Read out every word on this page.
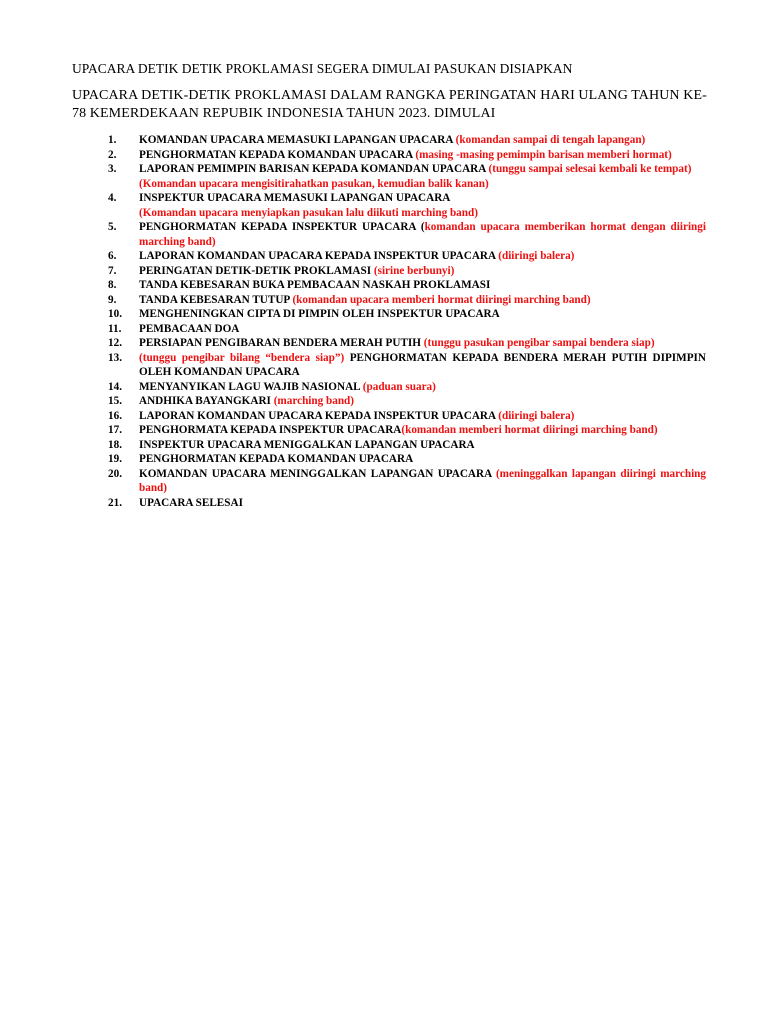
UPACARA DETIK DETIK PROKLAMASI SEGERA DIMULAI PASUKAN DISIAPKAN
UPACARA DETIK-DETIK PROKLAMASI DALAM RANGKA PERINGATAN HARI ULANG TAHUN KE-78 KEMERDEKAAN REPUBIK INDONESIA TAHUN 2023. DIMULAI
1.	KOMANDAN UPACARA MEMASUKI LAPANGAN UPACARA (komandan sampai di tengah lapangan)
2.	PENGHORMATAN KEPADA KOMANDAN UPACARA (masing -masing pemimpin barisan memberi hormat)
3.	LAPORAN PEMIMPIN BARISAN KEPADA KOMANDAN UPACARA (tunggu sampai selesai kembali ke tempat)
(Komandan upacara mengisitirahatkan pasukan, kemudian balik kanan)
4.	INSPEKTUR UPACARA MEMASUKI LAPANGAN UPACARA
(Komandan upacara menyiapkan pasukan lalu diikuti marching band)
5.	PENGHORMATAN KEPADA INSPEKTUR UPACARA (komandan upacara memberikan hormat dengan diiringi marching band)
6.	LAPORAN KOMANDAN UPACARA KEPADA INSPEKTUR UPACARA (diiringi balera)
7.	PERINGATAN DETIK-DETIK PROKLAMASI (sirine berbunyi)
8.	TANDA KEBESARAN BUKA PEMBACAAN NASKAH PROKLAMASI
9.	TANDA KEBESARAN TUTUP (komandan upacara memberi hormat diiringi marching band)
10.	MENGHENINGKAN CIPTA DI PIMPIN OLEH INSPEKTUR UPACARA
11.	PEMBACAAN DOA
12.	PERSIAPAN PENGIBARAN BENDERA MERAH PUTIH (tunggu pasukan pengibar sampai bendera siap)
13.	(tunggu pengibar bilang “bendera siap”) PENGHORMATAN KEPADA BENDERA MERAH PUTIH DIPIMPIN OLEH KOMANDAN UPACARA
14.	MENYANYIKAN LAGU WAJIB NASIONAL (paduan suara)
15.	ANDHIKA BAYANGKARI (marching band)
16.	LAPORAN KOMANDAN UPACARA KEPADA INSPEKTUR UPACARA (diiringi balera)
17.	PENGHORMATA KEPADA INSPEKTUR UPACARA(komandan memberi hormat diiringi marching band)
18.	INSPEKTUR UPACARA MENIGGALKAN LAPANGAN UPACARA
19.	PENGHORMATAN KEPADA KOMANDAN UPACARA
20.	KOMANDAN UPACARA MENINGGALKAN LAPANGAN UPACARA (meninggalkan lapangan diiringi marching band)
21.	UPACARA SELESAI
